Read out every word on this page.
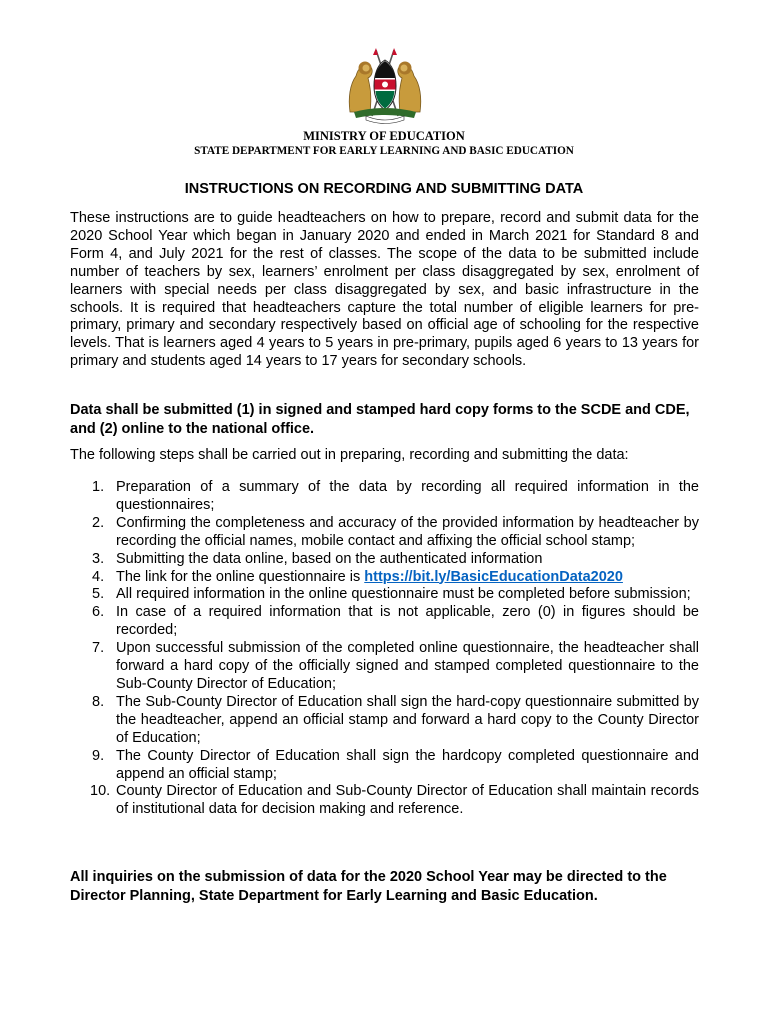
MINISTRY OF EDUCATION
STATE DEPARTMENT FOR EARLY LEARNING AND BASIC EDUCATION
INSTRUCTIONS ON RECORDING AND SUBMITTING DATA

These instructions are to guide headteachers on how to prepare, record and submit data for the 2020 School Year which began in January 2020 and ended in March 2021 for Standard 8 and Form 4, and July 2021 for the rest of classes. The scope of the data to be submitted include number of teachers by sex, learners’ enrolment per class disaggregated by sex, enrolment of learners with special needs per class disaggregated by sex, and basic infrastructure in the schools. It is required that headteachers capture the total number of eligible learners for pre-primary, primary and secondary respectively based on official age of schooling for the respective levels. That is learners aged 4 years to 5 years in pre-primary, pupils aged 6 years to 13 years for primary and students aged 14 years to 17 years for secondary schools.

Data shall be submitted (1) in signed and stamped hard copy forms to the SCDE and CDE, and (2) online to the national office.

The following steps shall be carried out in preparing, recording and submitting the data:

1. Preparation of a summary of the data by recording all required information in the questionnaires;
2. Confirming the completeness and accuracy of the provided information by headteacher by recording the official names, mobile contact and affixing the official school stamp;
3. Submitting the data online, based on the authenticated information
4. The link for the online questionnaire is https://bit.ly/BasicEducationData2020
5. All required information in the online questionnaire must be completed before submission;
6. In case of a required information that is not applicable, zero (0) in figures should be recorded;
7. Upon successful submission of the completed online questionnaire, the headteacher shall forward a hard copy of the officially signed and stamped completed questionnaire to the Sub-County Director of Education;
8. The Sub-County Director of Education shall sign the hard-copy questionnaire submitted by the headteacher, append an official stamp and forward a hard copy to the County Director of Education;
9. The County Director of Education shall sign the hardcopy completed questionnaire and append an official stamp;
10. County Director of Education and Sub-County Director of Education shall maintain records of institutional data for decision making and reference.

All inquiries on the submission of data for the 2020 School Year may be directed to the Director Planning, State Department for Early Learning and Basic Education.
